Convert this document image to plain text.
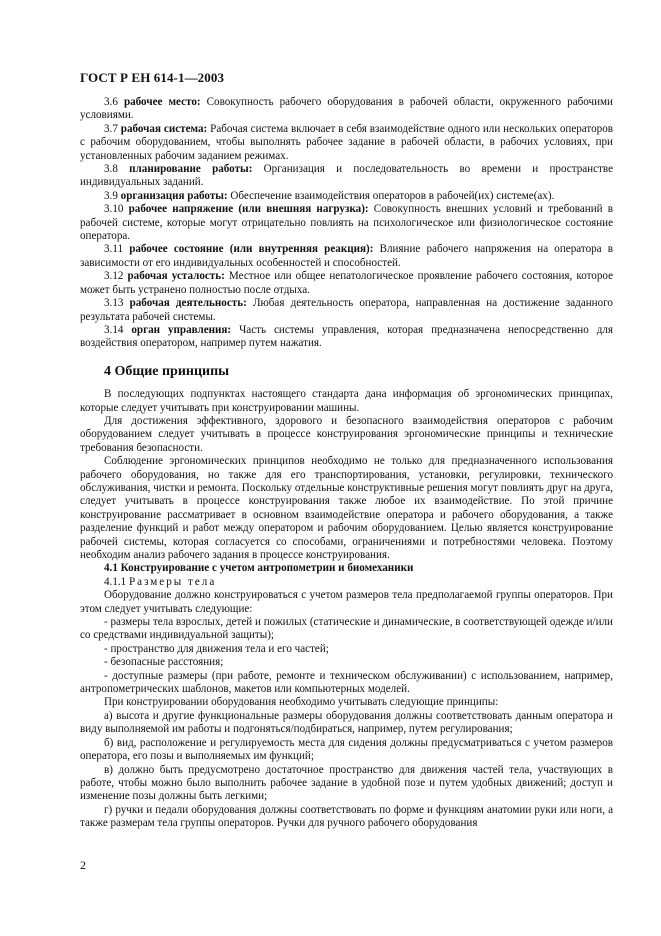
ГОСТ Р ЕН 614-1—2003

3.6 рабочее место: Совокупность рабочего оборудования в рабочей области, окруженного рабочими условиями.

3.7 рабочая система: Рабочая система включает в себя взаимодействие одного или нескольких операторов с рабочим оборудованием, чтобы выполнять рабочее задание в рабочей области, в рабочих условиях, при установленных рабочим заданием режимах.

3.8 планирование работы: Организация и последовательность во времени и пространстве индивидуальных заданий.

3.9 организация работы: Обеспечение взаимодействия операторов в рабочей(их) системе(ах).

3.10 рабочее напряжение (или внешняя нагрузка): Совокупность внешних условий и требований в рабочей системе, которые могут отрицательно повлиять на психологическое или физиологическое состояние оператора.

3.11 рабочее состояние (или внутренняя реакция): Влияние рабочего напряжения на оператора в зависимости от его индивидуальных особенностей и способностей.

3.12 рабочая усталость: Местное или общее непатологическое проявление рабочего состояния, которое может быть устранено полностью после отдыха.

3.13 рабочая деятельность: Любая деятельность оператора, направленная на достижение заданного результата рабочей системы.

3.14 орган управления: Часть системы управления, которая предназначена непосредственно для воздействия оператором, например путем нажатия.

4 Общие принципы

В последующих подпунктах настоящего стандарта дана информация об эргономических принципах, которые следует учитывать при конструировании машины.

Для достижения эффективного, здорового и безопасного взаимодействия операторов с рабочим оборудованием следует учитывать в процессе конструирования эргономические принципы и технические требования безопасности.

Соблюдение эргономических принципов необходимо не только для предназначенного использования рабочего оборудования, но также для его транспортирования, установки, регулировки, технического обслуживания, чистки и ремонта. Поскольку отдельные конструктивные решения могут повлиять друг на друга, следует учитывать в процессе конструирования также любое их взаимодействие. По этой причине конструирование рассматривает в основном взаимодействие оператора и рабочего оборудования, а также разделение функций и работ между оператором и рабочим оборудованием. Целью является конструирование рабочей системы, которая согласуется со способами, ограничениями и потребностями человека. Поэтому необходим анализ рабочего задания в процессе конструирования.

4.1 Конструирование с учетом антропометрии и биомеханики

4.1.1 Размеры тела

Оборудование должно конструироваться с учетом размеров тела предполагаемой группы операторов. При этом следует учитывать следующие:

- размеры тела взрослых, детей и пожилых (статические и динамические, в соответствующей одежде и/или со средствами индивидуальной защиты);

- пространство для движения тела и его частей;

- безопасные расстояния;

- доступные размеры (при работе, ремонте и техническом обслуживании) с использованием, например, антропометрических шаблонов, макетов или компьютерных моделей.

При конструировании оборудования необходимо учитывать следующие принципы:

а) высота и другие функциональные размеры оборудования должны соответствовать данным оператора и виду выполняемой им работы и подгоняться/подбираться, например, путем регулирования;

б) вид, расположение и регулируемость места для сидения должны предусматриваться с учетом размеров оператора, его позы и выполняемых им функций;

в) должно быть предусмотрено достаточное пространство для движения частей тела, участвующих в работе, чтобы можно было выполнить рабочее задание в удобной позе и путем удобных движений; доступ и изменение позы должны быть легкими;

г) ручки и педали оборудования должны соответствовать по форме и функциям анатомии руки или ноги, а также размерам тела группы операторов. Ручки для ручного рабочего оборудования

2
